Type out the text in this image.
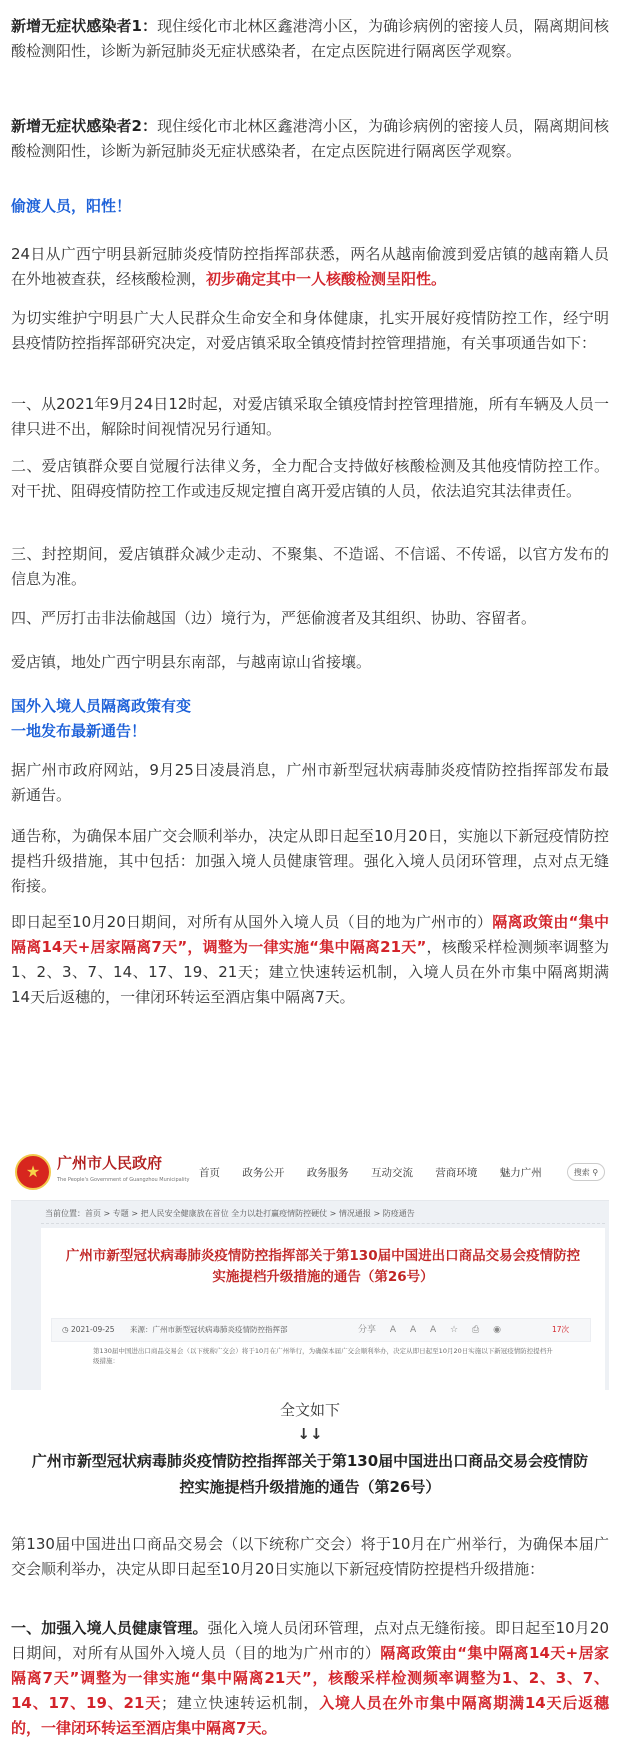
新增无症状感染者1：现住绥化市北林区鑫港湾小区，为确诊病例的密接人员，隔离期间核酸检测阳性，诊断为新冠肺炎无症状感染者，在定点医院进行隔离医学观察。

新增无症状感染者2：现住绥化市北林区鑫港湾小区，为确诊病例的密接人员，隔离期间核酸检测阳性，诊断为新冠肺炎无症状感染者，在定点医院进行隔离医学观察。

偷渡人员，阳性！

24日从广西宁明县新冠肺炎疫情防控指挥部获悉，两名从越南偷渡到爱店镇的越南籍人员在外地被查获，经核酸检测，初步确定其中一人核酸检测呈阳性。

为切实维护宁明县广大人民群众生命安全和身体健康，扎实开展好疫情防控工作，经宁明县疫情防控指挥部研究决定，对爱店镇采取全镇疫情封控管理措施，有关事项通告如下：

一、从2021年9月24日12时起，对爱店镇采取全镇疫情封控管理措施，所有车辆及人员一律只进不出，解除时间视情况另行通知。

二、爱店镇群众要自觉履行法律义务，全力配合支持做好核酸检测及其他疫情防控工作。对干扰、阻碍疫情防控工作或违反规定擅自离开爱店镇的人员，依法追究其法律责任。

三、封控期间，爱店镇群众减少走动、不聚集、不造谣、不信谣、不传谣，以官方发布的信息为准。

四、严厉打击非法偷越国（边）境行为，严惩偷渡者及其组织、协助、容留者。

爱店镇，地处广西宁明县东南部，与越南谅山省接壤。

国外入境人员隔离政策有变
一地发布最新通告！

据广州市政府网站，9月25日凌晨消息，广州市新型冠状病毒肺炎疫情防控指挥部发布最新通告。

通告称，为确保本届广交会顺利举办，决定从即日起至10月20日，实施以下新冠疫情防控提档升级措施，其中包括：加强入境人员健康管理。强化入境人员闭环管理，点对点无缝衔接。

即日起至10月20日期间，对所有从国外入境人员（目的地为广州市的）隔离政策由“集中隔离14天+居家隔离7天”，调整为一律实施“集中隔离21天”，核酸采样检测频率调整为1、2、3、7、14、17、19、21天；建立快速转运机制，入境人员在外市集中隔离期满14天后返穗的，一律闭环转运至酒店集中隔离7天。

★
广州市人民政府
The People's Government of Guangzhou Municipality
首页 政务公开 政务服务 互动交流 营商环境 魅力广州	搜索 ⚲
当前位置：首页 > 专题 > 把人民安全健康放在首位 全力以赴打赢疫情防控硬仗 > 情况通报 > 防疫通告
广州市新型冠状病毒肺炎疫情防控指挥部关于第130届中国进出口商品交易会疫情防控实施提档升级措施的通告（第26号）
◷ 2021-09-25 来源：广州市新型冠状病毒肺炎疫情防控指挥部	分享 A A A ☆ ⎙ ◉	17次
第130届中国进出口商品交易会（以下统称广交会）将于10月在广州举行，为确保本届广交会顺利举办，决定从即日起至10月20日实施以下新冠疫情防控提档升级措施：

全文如下

↓↓

广州市新型冠状病毒肺炎疫情防控指挥部关于第130届中国进出口商品交易会疫情防控实施提档升级措施的通告（第26号）

第130届中国进出口商品交易会（以下统称广交会）将于10月在广州举行，为确保本届广交会顺利举办，决定从即日起至10月20日实施以下新冠疫情防控提档升级措施：

一、加强入境人员健康管理。强化入境人员闭环管理，点对点无缝衔接。即日起至10月20日期间，对所有从国外入境人员（目的地为广州市的）隔离政策由“集中隔离14天+居家隔离7天”调整为一律实施“集中隔离21天”，核酸采样检测频率调整为1、2、3、7、14、17、19、21天；建立快速转运机制，入境人员在外市集中隔离期满14天后返穗的，一律闭环转运至酒店集中隔离7天。
